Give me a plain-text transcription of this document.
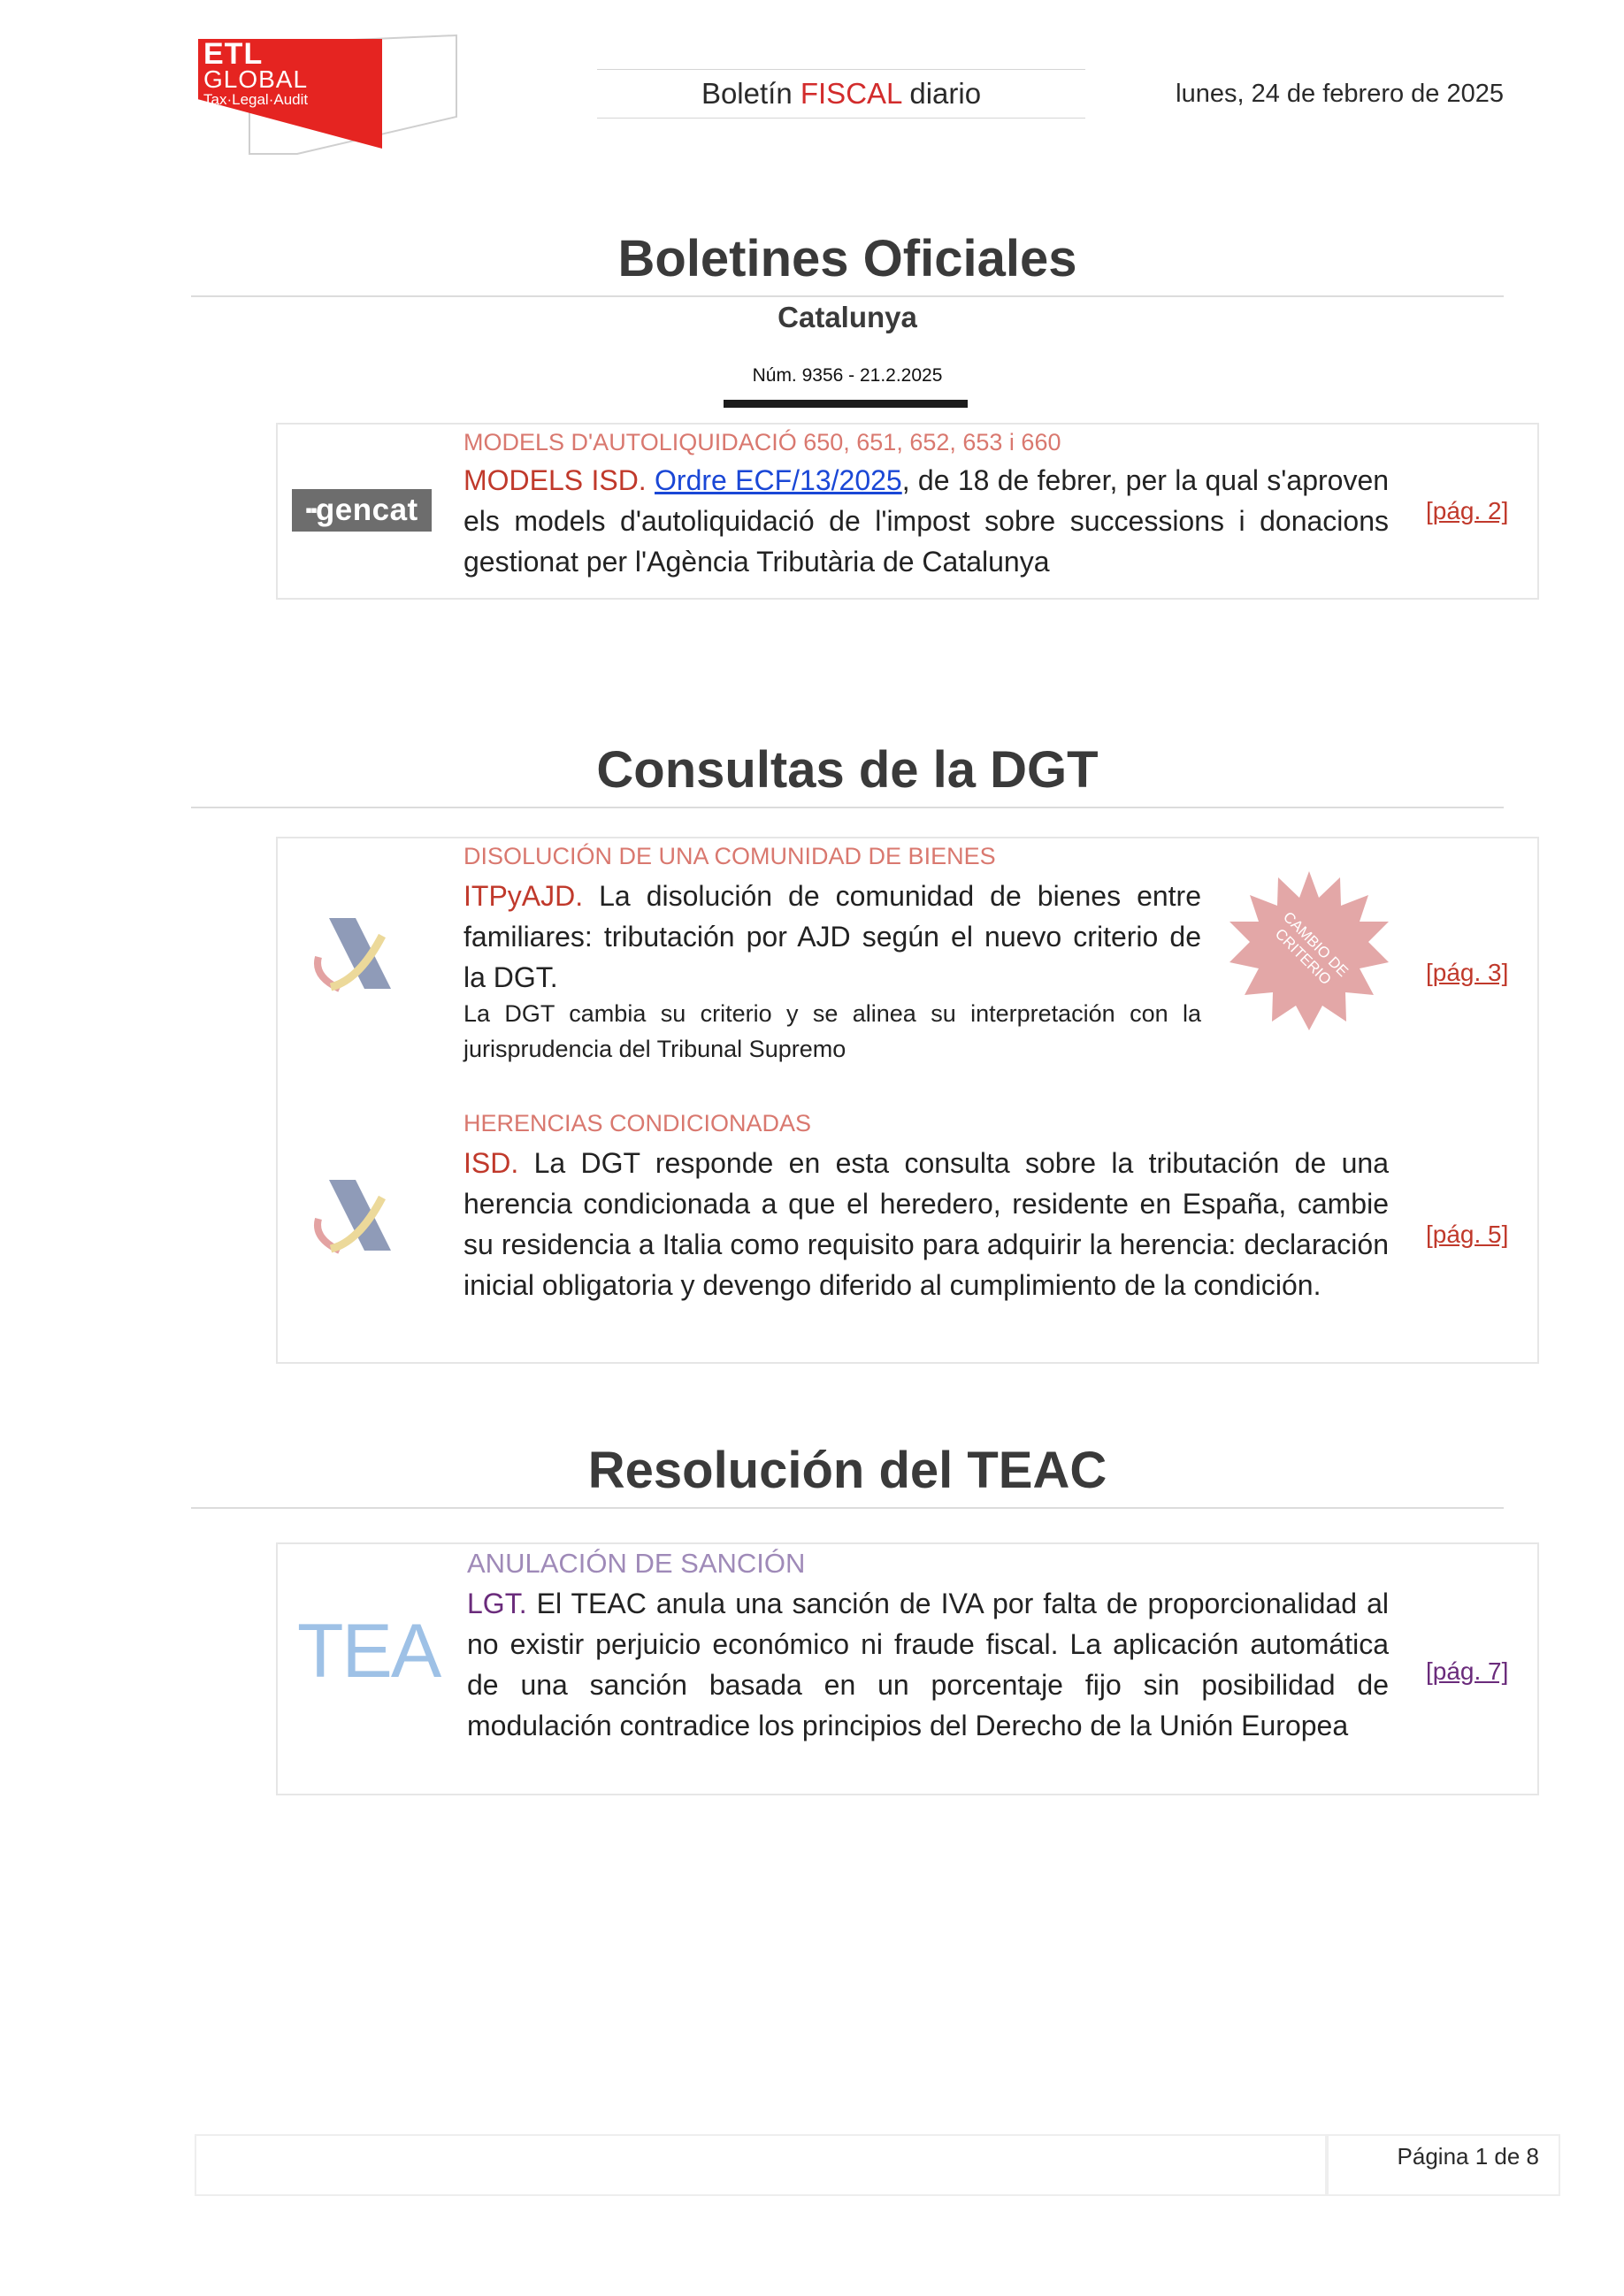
ETL
GLOBAL
Tax·Legal·Audit	Boletín FISCAL diario	lunes, 24 de febrero de 2025
Boletines Oficiales
Catalunya
Núm. 9356 - 21.2.2025
▪▪gencat
MODELS D'AUTOLIQUIDACIÓ 650, 651, 652, 653 i 660
MODELS ISD. Ordre ECF/13/2025, de 18 de febrer, per la qual s'aproven els models d'autoliquidació de l'impost sobre successions i donacions gestionat per l'Agència Tributària de Catalunya
[pág. 2]
Consultas de la DGT
DISOLUCIÓN DE UNA COMUNIDAD DE BIENES
ITPyAJD. La disolución de comunidad de bienes entre familiares: tributación por AJD según el nuevo criterio de la DGT.
La DGT cambia su criterio y se alinea su interpretación con la jurisprudencia del Tribunal Supremo
CAMBIO DE CRITERIO	[pág. 3]
HERENCIAS CONDICIONADAS
ISD. La DGT responde en esta consulta sobre la tributación de una herencia condicionada a que el heredero, residente en España, cambie su residencia a Italia como requisito para adquirir la herencia: declaración inicial obligatoria y devengo diferido al cumplimiento de la condición.
[pág. 5]
Resolución del TEAC
TEA
ANULACIÓN DE SANCIÓN
LGT. El TEAC anula una sanción de IVA por falta de proporcionalidad al no existir perjuicio económico ni fraude fiscal. La aplicación automática de una sanción basada en un porcentaje fijo sin posibilidad de modulación contradice los principios del Derecho de la Unión Europea
[pág. 7]
Página 1 de 8
